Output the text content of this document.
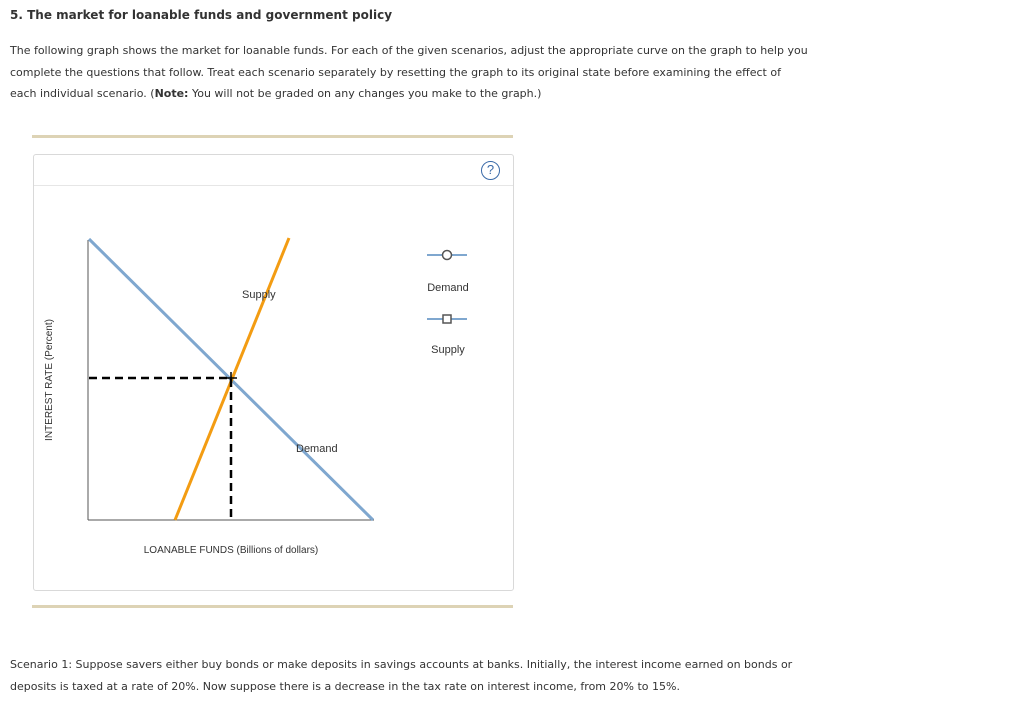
5. The market for loanable funds and government policy
The following graph shows the market for loanable funds. For each of the given scenarios, adjust the appropriate curve on the graph to help you complete the questions that follow. Treat each scenario separately by resetting the graph to its original state before examining the effect of each individual scenario. (Note: You will not be graded on any changes you make to the graph.)
?
Supply
Demand
INTEREST RATE (Percent)
LOANABLE FUNDS (Billions of dollars)
Demand
Supply
Scenario 1: Suppose savers either buy bonds or make deposits in savings accounts at banks. Initially, the interest income earned on bonds or deposits is taxed at a rate of 20%. Now suppose there is a decrease in the tax rate on interest income, from 20% to 15%.
